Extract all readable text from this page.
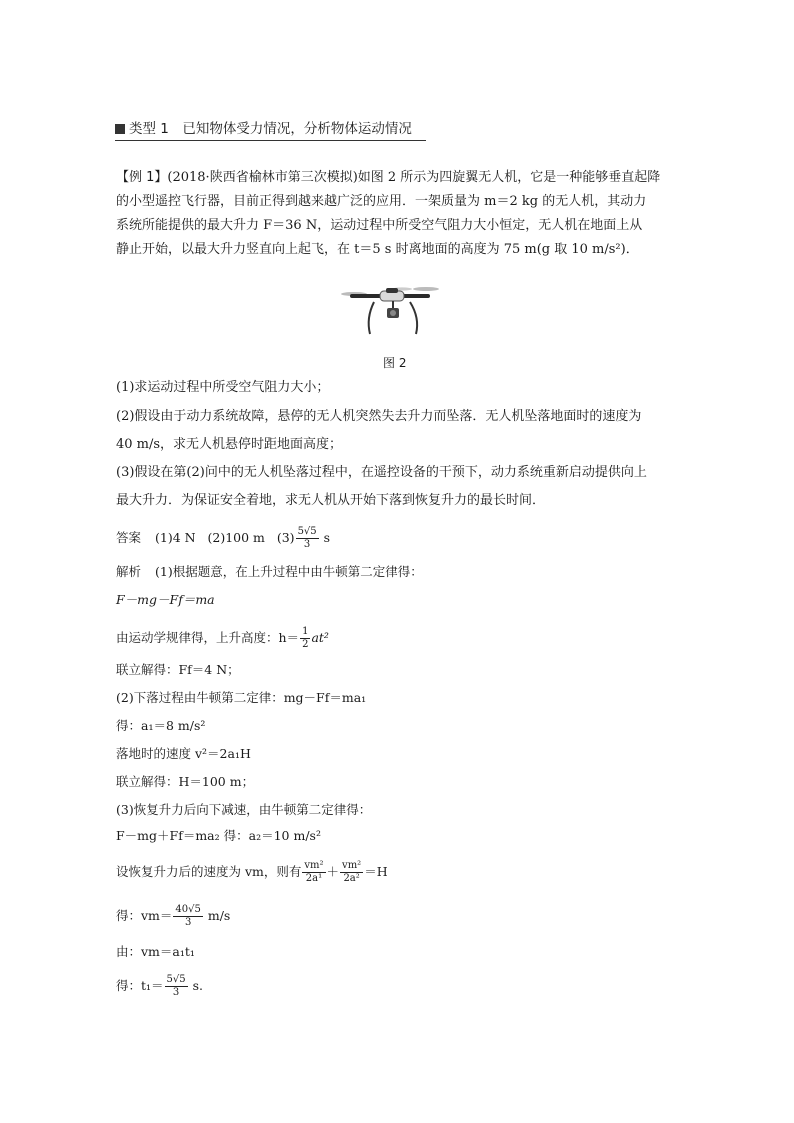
类型 1　已知物体受力情况，分析物体运动情况
【例 1】(2018·陕西省榆林市第三次模拟)如图 2 所示为四旋翼无人机，它是一种能够垂直起降
的小型遥控飞行器，目前正得到越来越广泛的应用．一架质量为 m＝2 kg 的无人机，其动力
系统所能提供的最大升力 F＝36 N，运动过程中所受空气阻力大小恒定，无人机在地面上从
静止开始，以最大升力竖直向上起飞，在 t＝5 s 时离地面的高度为 75 m(g 取 10 m/s²)．
图 2
(1)求运动过程中所受空气阻力大小；
(2)假设由于动力系统故障，悬停的无人机突然失去升力而坠落．无人机坠落地面时的速度为
40 m/s，求无人机悬停时距地面高度；
(3)假设在第(2)问中的无人机坠落过程中，在遥控设备的干预下，动力系统重新启动提供向上
最大升力．为保证安全着地，求无人机从开始下落到恢复升力的最长时间．
答案 (1)4 N (2)100 m $(3) \frac{5√5}{3}$ s
解析 (1)根据题意，在上升过程中由牛顿第二定律得：
F－mg－Ff＝ma
由运动学规律得，上升高度：$h= \frac{1}{2} at^2$
联立解得：Ff＝4 N；
(2)下落过程由牛顿第二定律：mg－Ff＝ma₁
得：a₁＝8 m/s²
落地时的速度 v²＝2a₁H
联立解得：H＝100 m；
(3)恢复升力后向下减速，由牛顿第二定律得：
F－mg＋Ff＝ma₂ 得：a₂＝10 m/s²
设恢复升力后的速度为 vm，则有 $\frac{\text{vm²}}{\text{2a¹}} + \frac{\text{vm²}}{\text{2a²}} =H$
得：$vm= \frac{40√5}{3} m/s$
由：vm＝a₁t₁
得：$t_1= \frac{5√5}{3} s$.
